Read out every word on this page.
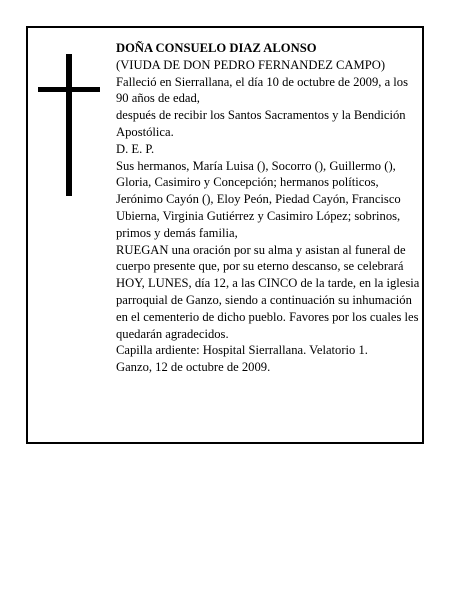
DOÑA CONSUELO DIAZ ALONSO

(VIUDA DE DON PEDRO FERNANDEZ CAMPO)

Falleció en Sierrallana, el día 10 de octubre de 2009, a los 90 años de edad,

después de recibir los Santos Sacramentos y la Bendición Apostólica.

D. E. P.

Sus hermanos, María Luisa (), Socorro (), Guillermo (), Gloria, Casimiro y Concepción; hermanos políticos, Jerónimo Cayón (), Eloy Peón, Piedad Cayón, Francisco Ubierna, Virginia Gutiérrez y Casimiro López; sobrinos, primos y demás familia,

RUEGAN una oración por su alma y asistan al funeral de cuerpo presente que, por su eterno descanso, se celebrará HOY, LUNES, día 12, a las CINCO de la tarde, en la iglesia parroquial de Ganzo, siendo a continuación su inhumación en el cementerio de dicho pueblo. Favores por los cuales les quedarán agradecidos.

Capilla ardiente: Hospital Sierrallana. Velatorio 1.

Ganzo, 12 de octubre de 2009.
